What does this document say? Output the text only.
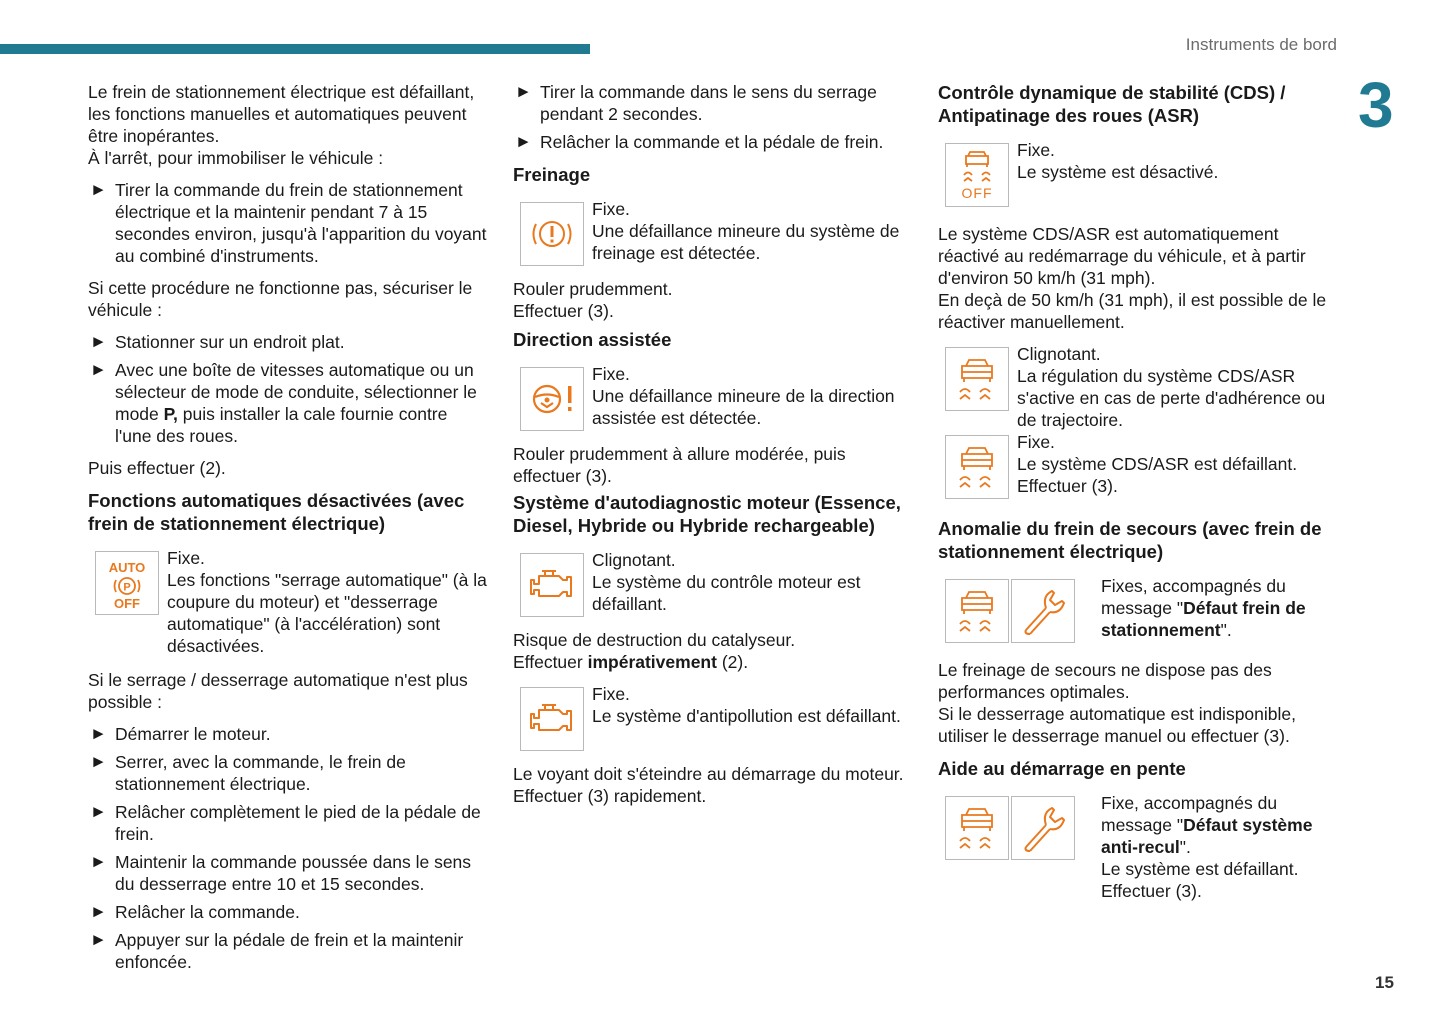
Instruments de bord
3
15

Le frein de stationnement électrique est défaillant, les fonctions manuelles et automatiques peuvent être inopérantes.
À l'arrêt, pour immobiliser le véhicule :

► Tirer la commande du frein de stationnement électrique et la maintenir pendant 7 à 15 secondes environ, jusqu'à l'apparition du voyant au combiné d'instruments.

Si cette procédure ne fonctionne pas, sécuriser le véhicule :

► Stationner sur un endroit plat.
► Avec une boîte de vitesses automatique ou un sélecteur de mode de conduite, sélectionner le mode P, puis installer la cale fournie contre l'une des roues.

Puis effectuer (2).

Fonctions automatiques désactivées (avec frein de stationnement électrique)
AUTO
P
OFF
Fixe.
Les fonctions "serrage automatique" (à la coupure du moteur) et "desserrage automatique" (à l'accélération) sont désactivées.

Si le serrage / desserrage automatique n'est plus possible :

► Démarrer le moteur.
► Serrer, avec la commande, le frein de stationnement électrique.
► Relâcher complètement le pied de la pédale de frein.
► Maintenir la commande poussée dans le sens du desserrage entre 10 et 15 secondes.
► Relâcher la commande.
► Appuyer sur la pédale de frein et la maintenir enfoncée.
► Tirer la commande dans le sens du serrage pendant 2 secondes.
► Relâcher la commande et la pédale de frein.
Freinage
Fixe.
Une défaillance mineure du système de freinage est détectée.

Rouler prudemment.
Effectuer (3).

Direction assistée
Fixe.
Une défaillance mineure de la direction assistée est détectée.

Rouler prudemment à allure modérée, puis effectuer (3).

Système d'autodiagnostic moteur (Essence, Diesel, Hybride ou Hybride rechargeable)
Clignotant.
Le système du contrôle moteur est défaillant.

Risque de destruction du catalyseur.
Effectuer impérativement (2).

Fixe.
Le système d'antipollution est défaillant.

Le voyant doit s'éteindre au démarrage du moteur.
Effectuer (3) rapidement.

Contrôle dynamique de stabilité (CDS) / Antipatinage des roues (ASR)
OFF
Fixe.
Le système est désactivé.

Le système CDS/ASR est automatiquement réactivé au redémarrage du véhicule, et à partir d'environ 50 km/h (31 mph).
En deçà de 50 km/h (31 mph), il est possible de le réactiver manuellement.

Clignotant.
La régulation du système CDS/ASR s'active en cas de perte d'adhérence ou de trajectoire.
Fixe.
Le système CDS/ASR est défaillant.
Effectuer (3).
Anomalie du frein de secours (avec frein de stationnement électrique)
Fixes, accompagnés du message "Défaut frein de stationnement".

Le freinage de secours ne dispose pas des performances optimales.
Si le desserrage automatique est indisponible, utiliser le desserrage manuel ou effectuer (3).

Aide au démarrage en pente
Fixe, accompagnés du message "Défaut système anti-recul".
Le système est défaillant.
Effectuer (3).
